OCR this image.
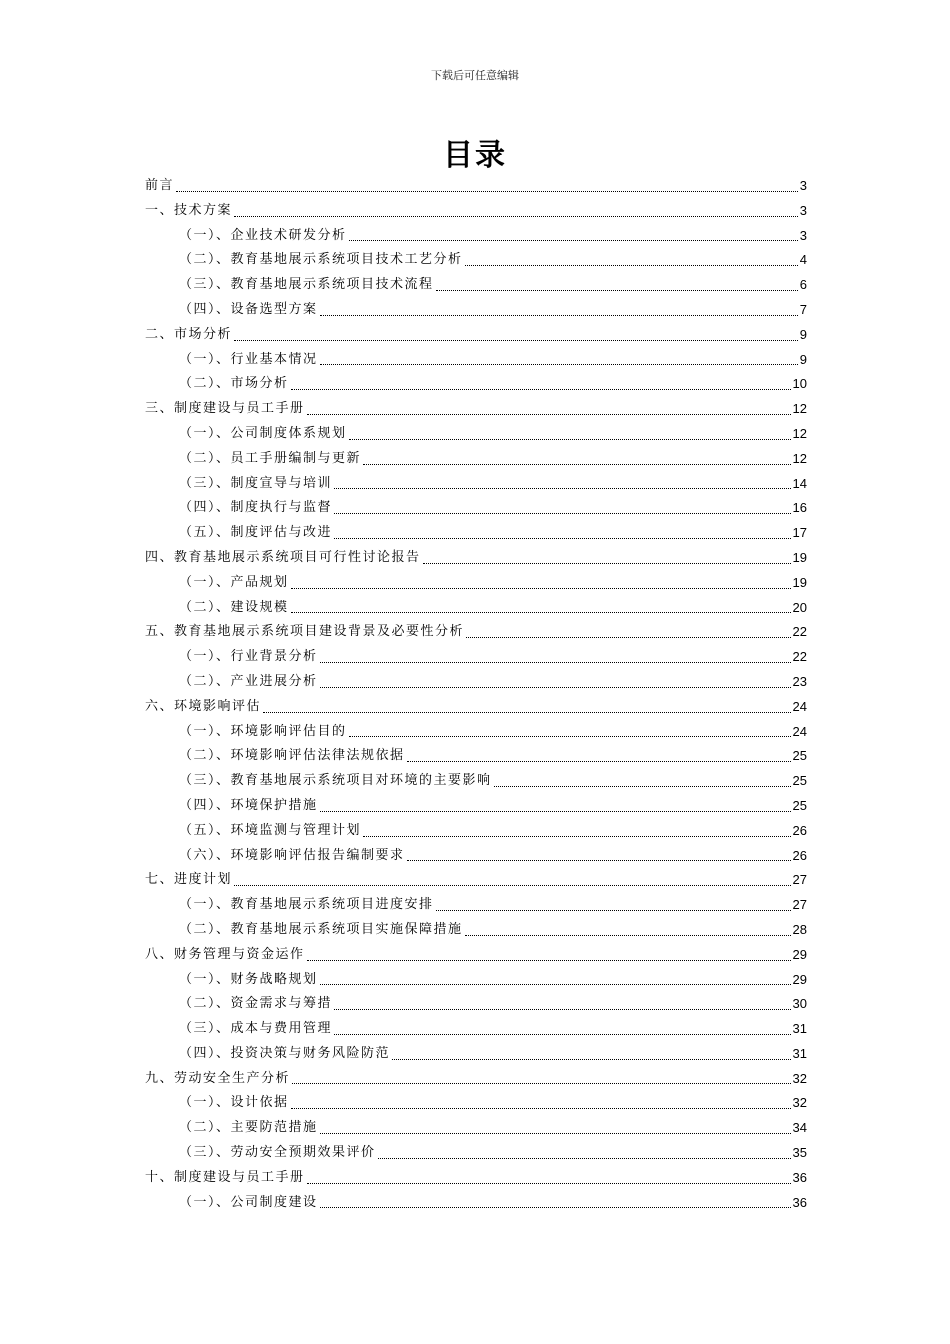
下载后可任意编辑
目录
前言	3
一、技术方案	3
（一）、企业技术研发分析	3
（二）、教育基地展示系统项目技术工艺分析	4
（三）、教育基地展示系统项目技术流程	6
（四）、设备选型方案	7
二、市场分析	9
（一）、行业基本情况	9
（二）、市场分析	10
三、制度建设与员工手册	12
（一）、公司制度体系规划	12
（二）、员工手册编制与更新	12
（三）、制度宣导与培训	14
（四）、制度执行与监督	16
（五）、制度评估与改进	17
四、教育基地展示系统项目可行性讨论报告	19
（一）、产品规划	19
（二）、建设规模	20
五、教育基地展示系统项目建设背景及必要性分析	22
（一）、行业背景分析	22
（二）、产业进展分析	23
六、环境影响评估	24
（一）、环境影响评估目的	24
（二）、环境影响评估法律法规依据	25
（三）、教育基地展示系统项目对环境的主要影响	25
（四）、环境保护措施	25
（五）、环境监测与管理计划	26
（六）、环境影响评估报告编制要求	26
七、进度计划	27
（一）、教育基地展示系统项目进度安排	27
（二）、教育基地展示系统项目实施保障措施	28
八、财务管理与资金运作	29
（一）、财务战略规划	29
（二）、资金需求与筹措	30
（三）、成本与费用管理	31
（四）、投资决策与财务风险防范	31
九、劳动安全生产分析	32
（一）、设计依据	32
（二）、主要防范措施	34
（三）、劳动安全预期效果评价	35
十、制度建设与员工手册	36
（一）、公司制度建设	36
